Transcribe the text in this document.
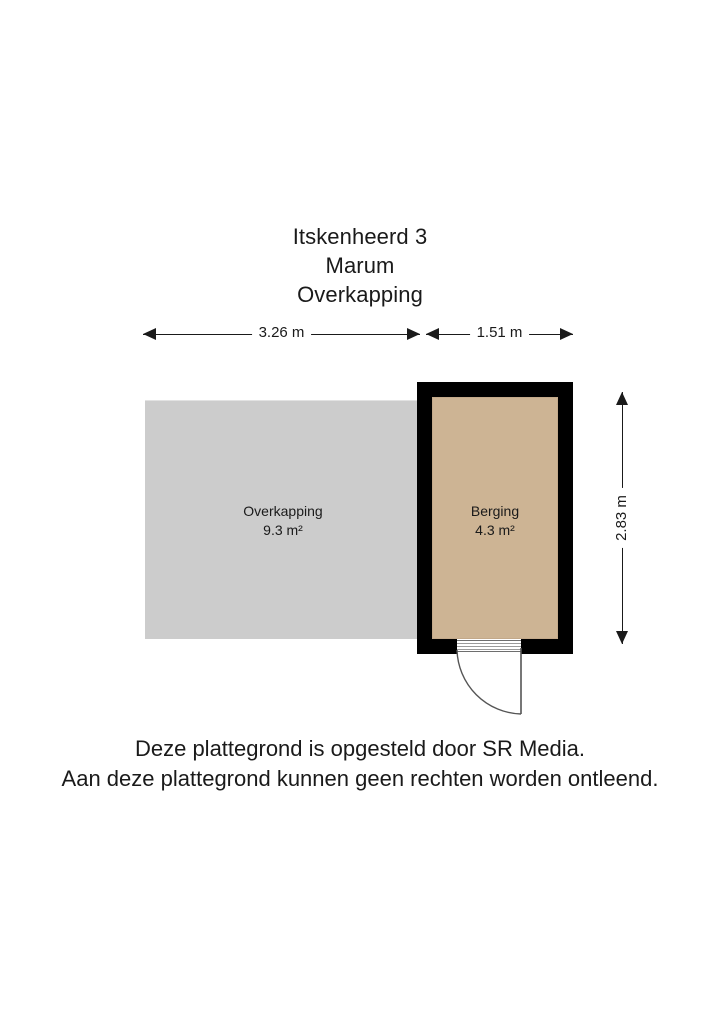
Itskenheerd 3
Marum
Overkapping
3.26 m	1.51 m
2.83 m
Overkapping
9.3 m²
Berging
4.3 m²
Deze plattegrond is opgesteld door SR Media.
Aan deze plattegrond kunnen geen rechten worden ontleend.
